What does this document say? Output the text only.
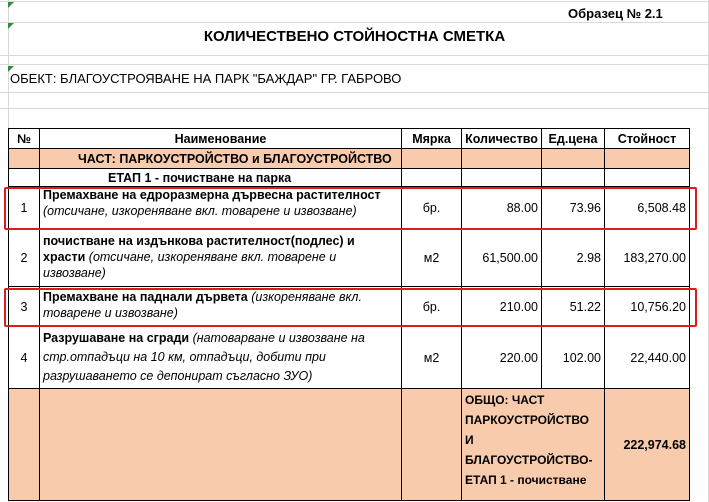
Образец № 2.1
КОЛИЧЕСТВЕНО СТОЙНОСТНА СМЕТКА
ОБЕКТ: БЛАГОУСТРОЯВАНЕ НА ПАРК "БАЖДАР" ГР. ГАБРОВО
№	Наименование	Мярка	Количество	Ед.цена	Стойност
	ЧАСТ: ПАРКОУСТРОЙСТВО и БЛАГОУСТРОЙСТВО				
	ЕТАП 1 - почистване на парка				
1	Премахване на едроразмерна дървесна растителност (отсичане, изкореняване вкл. товарене и извозване)	бр.	88.00	73.96	6,508.48
2	почистване на издънкова растителност(подлес) и храсти (отсичане, изкореняване вкл. товарене и извозване)	м2	61,500.00	2.98	183,270.00
3	Премахване на паднали дървета (изкореняване вкл. товарене и извозване)	бр.	210.00	51.22	10,756.20
4	Разрушаване на сгради (натоварване и извозване на стр.отпадъци на 10 км, отпадъци, добити при разрушаването се депонират съгласно ЗУО)	м2	220.00	102.00	22,440.00

			ОБЩО: ЧАСТ
ПАРКОУСТРОЙСТВО
И
БЛАГОУСТРОЙСТВО-
ЕТАП 1 - почистване		222,974.68
